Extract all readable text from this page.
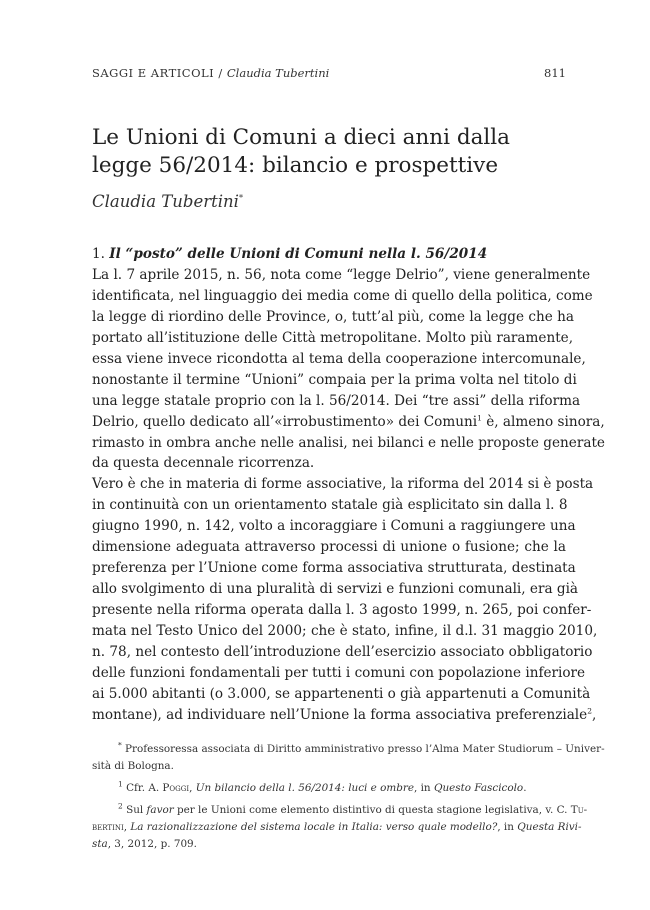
SAGGI E ARTICOLI / Claudia Tubertini	811
Le Unioni di Comuni a dieci anni dalla
legge 56/2014: bilancio e prospettive

Claudia Tubertini*

1. Il “posto” delle Unioni di Comuni nella l. 56/2014
La l. 7 aprile 2015, n. 56, nota come “legge Delrio”, viene generalmente
identificata, nel linguaggio dei media come di quello della politica, come
la legge di riordino delle Province, o, tutt’al più, come la legge che ha
portato all’istituzione delle Città metropolitane. Molto più raramente,
essa viene invece ricondotta al tema della cooperazione intercomunale,
nonostante il termine “Unioni” compaia per la prima volta nel titolo di
una legge statale proprio con la l. 56/2014. Dei “tre assi” della riforma
Delrio, quello dedicato all’«irrobustimento» dei Comuni$^1$ è, almeno sinora,
rimasto in ombra anche nelle analisi, nei bilanci e nelle proposte generate
da questa decennale ricorrenza.
Vero è che in materia di forme associative, la riforma del 2014 si è posta
in continuità con un orientamento statale già esplicitato sin dalla l. 8
giugno 1990, n. 142, volto a incoraggiare i Comuni a raggiungere una
dimensione adeguata attraverso processi di unione o fusione; che la
preferenza per l’Unione come forma associativa strutturata, destinata
allo svolgimento di una pluralità di servizi e funzioni comunali, era già
presente nella riforma operata dalla l. 3 agosto 1999, n. 265, poi confer-
mata nel Testo Unico del 2000; che è stato, infine, il d.l. 31 maggio 2010,
n. 78, nel contesto dell’introduzione dell’esercizio associato obbligatorio
delle funzioni fondamentali per tutti i comuni con popolazione inferiore
ai 5.000 abitanti (o 3.000, se appartenenti o già appartenuti a Comunità
montane), ad individuare nell’Unione la forma associativa preferenziale$^2$,
* Professoressa associata di Diritto amministrativo presso l’Alma Mater Studiorum – Univer-
sità di Bologna.
$^1$ Cfr. A. Poggi, Un bilancio della l. 56/2014: luci e ombre, in Questo Fascicolo.
$^2$ Sul favor per le Unioni come elemento distintivo di questa stagione legislativa, v. C. Tu-
bertini, La razionalizzazione del sistema locale in Italia: verso quale modello?, in Questa Rivi-
sta, 3, 2012, p. 709.
